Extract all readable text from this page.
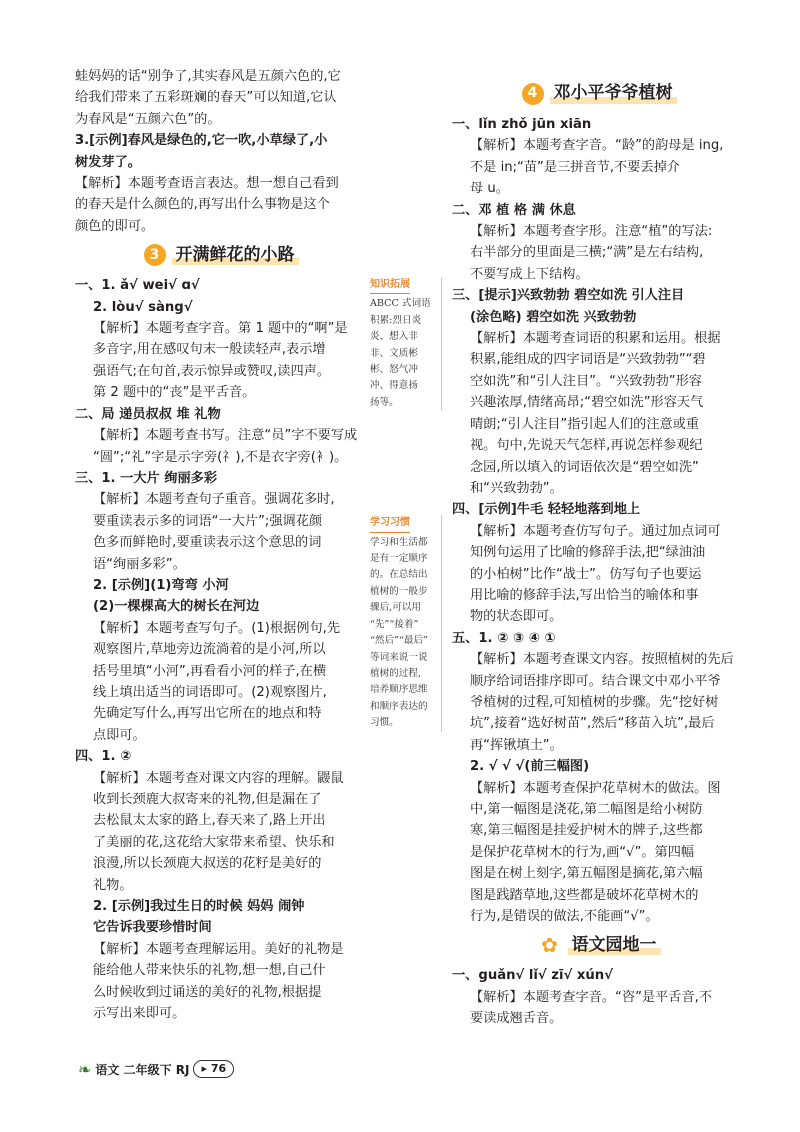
蛙妈妈的话“别争了,其实春风是五颜六色的,它

给我们带来了五彩斑斓的春天”可以知道,它认

为春风是“五颜六色”的。

3.[示例]春风是绿色的,它一吹,小草绿了,小

树发芽了。

【解析】本题考查语言表达。想一想自己看到

的春天是什么颜色的,再写出什么事物是这个

颜色的即可。

3 开满鲜花的小路

一、1. ǎ√ wei√ ɑ√

2. lòu√ sàng√

【解析】本题考查字音。第 1 题中的“啊”是

多音字,用在感叹句末一般读轻声,表示增

强语气;在句首,表示惊异或赞叹,读四声。

第 2 题中的“丧”是平舌音。

二、局 递员叔叔 堆 礼物

【解析】本题考查书写。注意“员”字不要写成

“圆”;“礼”字是示字旁(礻),不是衣字旁(衤)。

三、1. 一大片 绚丽多彩

【解析】本题考查句子重音。强调花多时,

要重读表示多的词语“一大片”;强调花颜

色多而鲜艳时,要重读表示这个意思的词

语“绚丽多彩”。

2. [示例](1)弯弯 小河

(2)一棵棵高大的树长在河边

【解析】本题考查写句子。(1)根据例句,先

观察图片,草地旁边流淌着的是小河,所以

括号里填“小河”,再看看小河的样子,在横

线上填出适当的词语即可。(2)观察图片,

先确定写什么,再写出它所在的地点和特

点即可。

四、1. ②

【解析】本题考查对课文内容的理解。鼹鼠

收到长颈鹿大叔寄来的礼物,但是漏在了

去松鼠太太家的路上,春天来了,路上开出

了美丽的花,这花给大家带来希望、快乐和

浪漫,所以长颈鹿大叔送的花籽是美好的

礼物。

2. [示例]我过生日的时候 妈妈 闹钟

它告诉我要珍惜时间

【解析】本题考查理解运用。美好的礼物是

能给他人带来快乐的礼物,想一想,自己什

么时候收到过诵送的美好的礼物,根据提

示写出来即可。

知识拓展
ABCC 式词语
积累:烈日炎
炎、想入非
非、文质彬
彬、怒气冲
冲、得意扬
扬等。
学习习惯
学习和生活都
是有一定顺序
的。在总结出
植树的一般步
骤后,可以用
“先”“接着”
“然后”“最后”
等词来说一说
植树的过程,
培养顺序思维
和顺序表达的
习惯。
4 邓小平爷爷植树

一、lǐn zhǒ jūn xiān

【解析】本题考查字音。“龄”的韵母是 ing,

不是 in;“苗”是三拼音节,不要丢掉介

母 u。

二、邓 植 格 满 休息

【解析】本题考查字形。注意“植”的写法:

右半部分的里面是三横;“满”是左右结构,

不要写成上下结构。

三、[提示]兴致勃勃 碧空如洗 引人注目

(涂色略) 碧空如洗 兴致勃勃

【解析】本题考查词语的积累和运用。根据

积累,能组成的四字词语是“兴致勃勃”“碧

空如洗”和“引人注目”。“兴致勃勃”形容

兴趣浓厚,情绪高昂;“碧空如洗”形容天气

晴朗;“引人注目”指引起人们的注意或重

视。句中,先说天气怎样,再说怎样参观纪

念园,所以填入的词语依次是“碧空如洗”

和“兴致勃勃”。

四、[示例]牛毛 轻轻地落到地上

【解析】本题考查仿写句子。通过加点词可

知例句运用了比喻的修辞手法,把“绿油油

的小柏树”比作“战士”。仿写句子也要运

用比喻的修辞手法,写出恰当的喻体和事

物的状态即可。

五、1. ② ③ ④ ①

【解析】本题考查课文内容。按照植树的先后

顺序给词语排序即可。结合课文中邓小平爷

爷植树的过程,可知植树的步骤。先“挖好树

坑”,接着“选好树苗”,然后“移苗入坑”,最后

再“挥锹填土”。

2. √ √ √(前三幅图)

【解析】本题考查保护花草树木的做法。图

中,第一幅图是浇花,第二幅图是给小树防

寒,第三幅图是挂爱护树木的牌子,这些都

是保护花草树木的行为,画“√”。第四幅

图是在树上刻字,第五幅图是摘花,第六幅

图是践踏草地,这些都是破坏花草树木的

行为,是错误的做法,不能画“√”。

✿ 语文园地一

一、guǎn√ lǐ√ zī√ xún√

【解析】本题考查字音。“咨”是平舌音,不

要读成翘舌音。

❧ 语文 二年级下 RJ	▸ 76
